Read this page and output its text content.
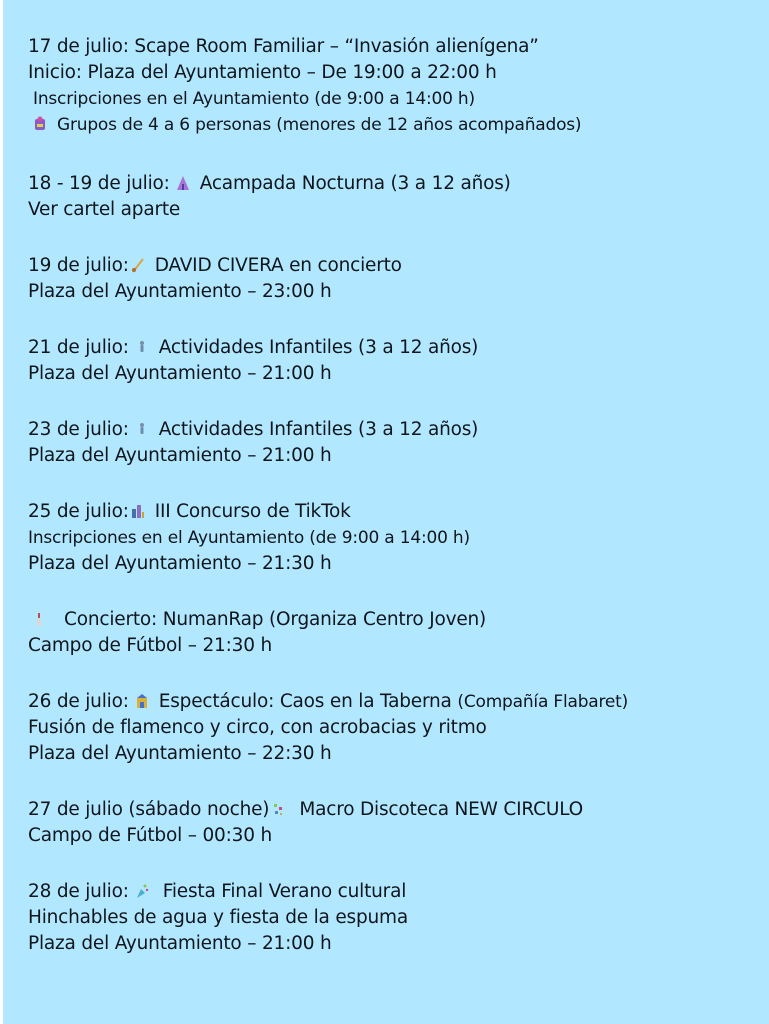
17 de julio: Scape Room Familiar – “Invasión alienígena”
Inicio: Plaza del Ayuntamiento – De 19:00 a 22:00 h
Inscripciones en el Ayuntamiento (de 9:00 a 14:00 h)
Grupos de 4 a 6 personas (menores de 12 años acompañados)
18 - 19 de julio: Acampada Nocturna (3 a 12 años)
Ver cartel aparte
19 de julio: DAVID CIVERA en concierto
Plaza del Ayuntamiento – 23:00 h
21 de julio: Actividades Infantiles (3 a 12 años)
Plaza del Ayuntamiento – 21:00 h
23 de julio: Actividades Infantiles (3 a 12 años)
Plaza del Ayuntamiento – 21:00 h
25 de julio: III Concurso de TikTok
Inscripciones en el Ayuntamiento (de 9:00 a 14:00 h)
Plaza del Ayuntamiento – 21:30 h
Concierto: NumanRap (Organiza Centro Joven)
Campo de Fútbol – 21:30 h
26 de julio: Espectáculo: Caos en la Taberna (Compañía Flabaret)
Fusión de flamenco y circo, con acrobacias y ritmo
Plaza del Ayuntamiento – 22:30 h
27 de julio (sábado noche) Macro Discoteca NEW CIRCULO
Campo de Fútbol – 00:30 h
28 de julio: Fiesta Final Verano cultural
Hinchables de agua y fiesta de la espuma
Plaza del Ayuntamiento – 21:00 h
